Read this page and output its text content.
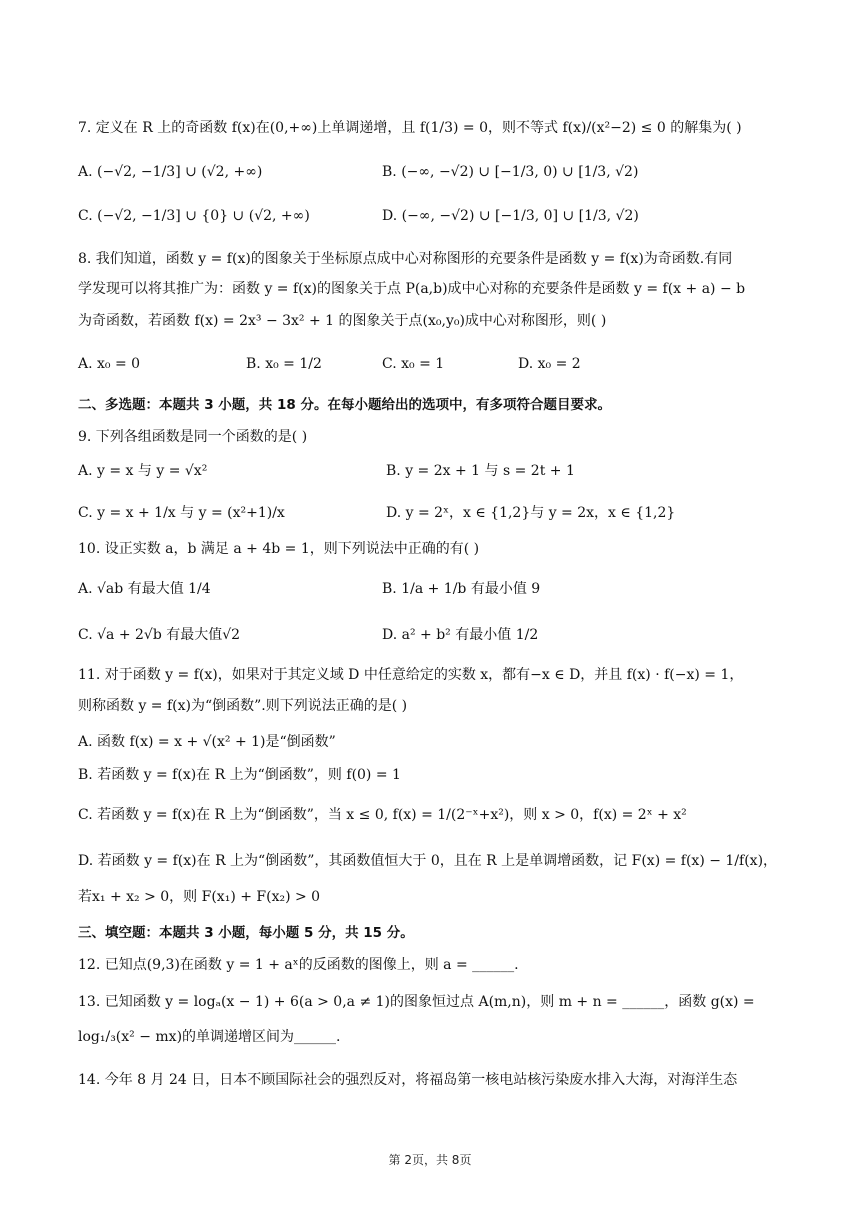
7. 定义在 R 上的奇函数 f(x)在(0,+∞)上单调递增，且 f(1/3) = 0，则不等式 f(x)/(x²−2) ≤ 0 的解集为( )
A. (−√2, −1/3] ∪ (√2, +∞)	B. (−∞, −√2) ∪ [−1/3, 0) ∪ [1/3, √2)
C. (−√2, −1/3] ∪ {0} ∪ (√2, +∞)	D. (−∞, −√2) ∪ [−1/3, 0] ∪ [1/3, √2)
8. 我们知道，函数 y = f(x)的图象关于坐标原点成中心对称图形的充要条件是函数 y = f(x)为奇函数.有同
学发现可以将其推广为：函数 y = f(x)的图象关于点 P(a,b)成中心对称的充要条件是函数 y = f(x + a) − b
为奇函数，若函数 f(x) = 2x³ − 3x² + 1 的图象关于点(x₀,y₀)成中心对称图形，则( )
A. x₀ = 0	B. x₀ = 1/2	C. x₀ = 1	D. x₀ = 2
二、多选题：本题共 3 小题，共 18 分。在每小题给出的选项中，有多项符合题目要求。
9. 下列各组函数是同一个函数的是( )
A. y = x 与 y = √x²	B. y = 2x + 1 与 s = 2t + 1
C. y = x + 1/x 与 y = (x²+1)/x	D. y = 2ˣ，x ∈ {1,2}与 y = 2x，x ∈ {1,2}
10. 设正实数 a，b 满足 a + 4b = 1，则下列说法中正确的有( )
A. √ab 有最大值 1/4	B. 1/a + 1/b 有最小值 9
C. √a + 2√b 有最大值√2	D. a² + b² 有最小值 1/2
11. 对于函数 y = f(x)，如果对于其定义域 D 中任意给定的实数 x，都有−x ∈ D，并且 f(x) · f(−x) = 1，
则称函数 y = f(x)为“倒函数”.则下列说法正确的是( )
A. 函数 f(x) = x + √(x² + 1)是“倒函数”
B. 若函数 y = f(x)在 R 上为“倒函数”，则 f(0) = 1
C. 若函数 y = f(x)在 R 上为“倒函数”，当 x ≤ 0, f(x) = 1/(2⁻ˣ+x²)，则 x > 0，f(x) = 2ˣ + x²
D. 若函数 y = f(x)在 R 上为“倒函数”，其函数值恒大于 0，且在 R 上是单调增函数，记 F(x) = f(x) − 1/f(x)，
若x₁ + x₂ > 0，则 F(x₁) + F(x₂) > 0
三、填空题：本题共 3 小题，每小题 5 分，共 15 分。
12. 已知点(9,3)在函数 y = 1 + aˣ的反函数的图像上，则 a = ______.
13. 已知函数 y = logₐ(x − 1) + 6(a > 0,a ≠ 1)的图象恒过点 A(m,n)，则 m + n = ______，函数 g(x) =
log₁/₃(x² − mx)的单调递增区间为______.
14. 今年 8 月 24 日，日本不顾国际社会的强烈反对，将福岛第一核电站核污染废水排入大海，对海洋生态
第 2页，共 8页
